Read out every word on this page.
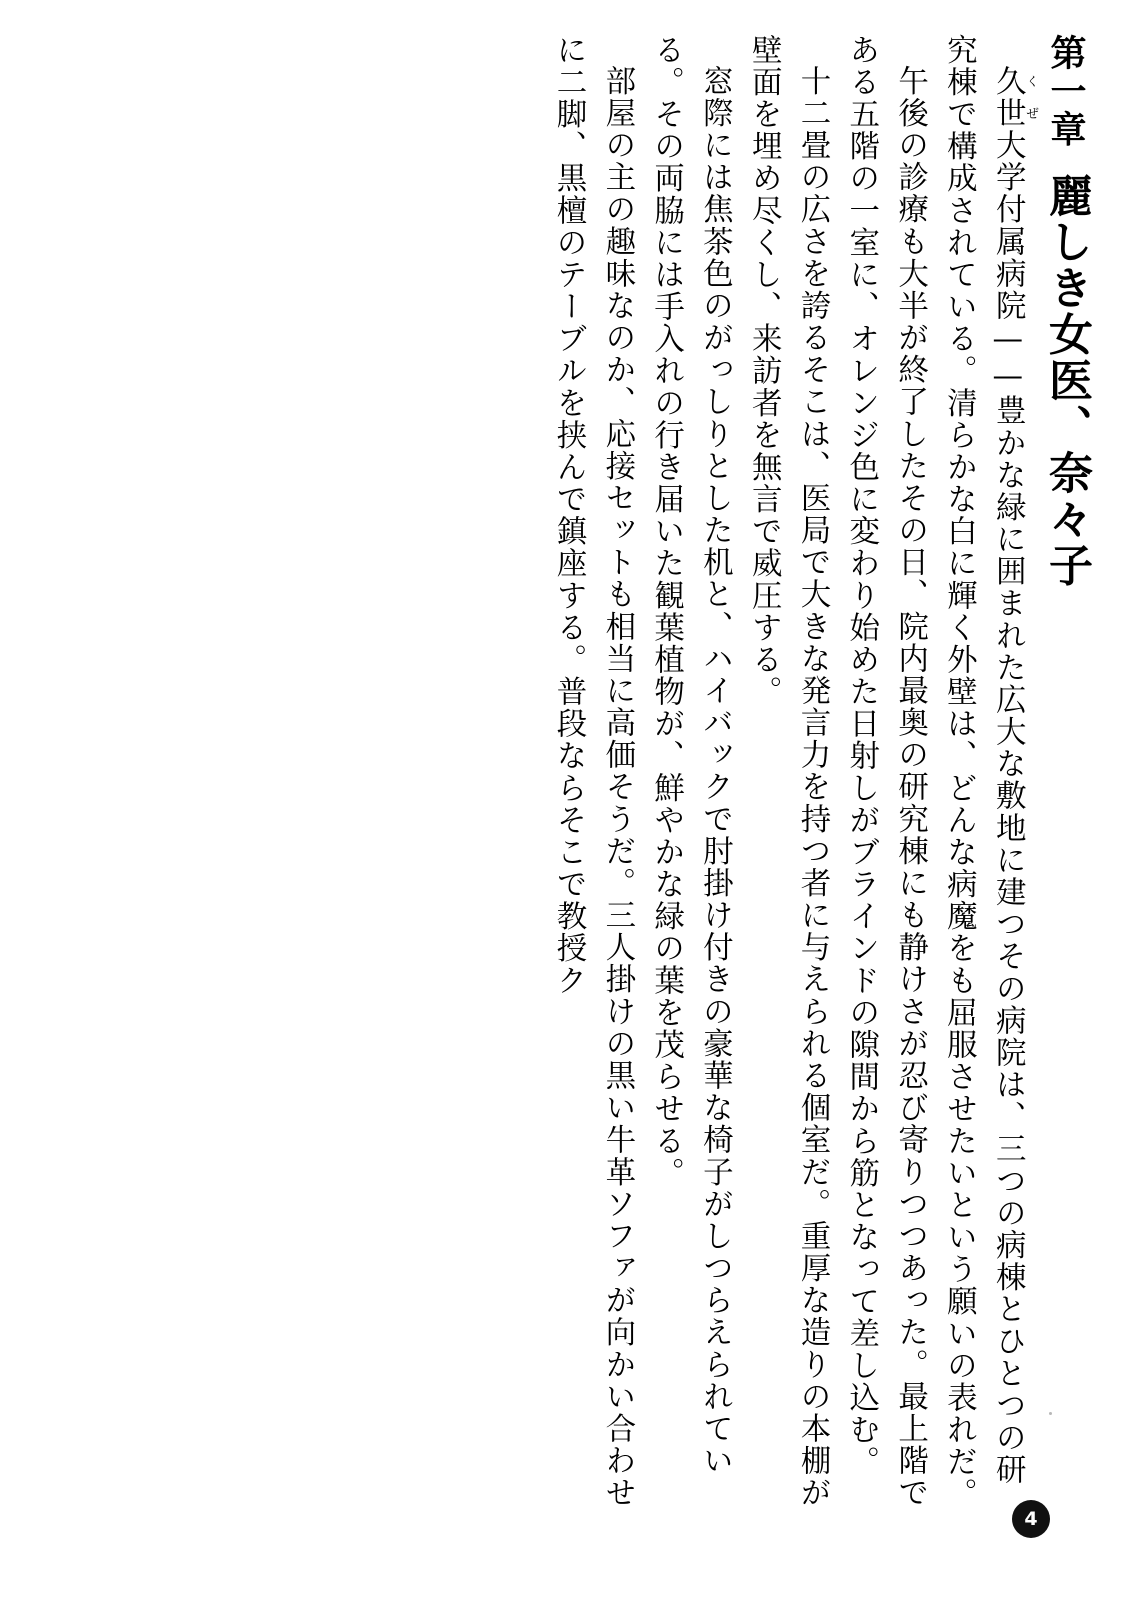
第一章麗しき女医、奈々子

久世くぜ大学付属病院——豊かな緑に囲まれた広大な敷地に建つその病院は、三つの病棟とひとつの研究棟で構成されている。清らかな白に輝く外壁は、どんな病魔をも屈服させたいという願いの表れだ。

午後の診療も大半が終了したその日、院内最奥の研究棟にも静けさが忍び寄りつつあった。最上階である五階の一室に、オレンジ色に変わり始めた日射しがブラインドの隙間から筋となって差し込む。

十二畳の広さを誇るそこは、医局で大きな発言力を持つ者に与えられる個室だ。重厚な造りの本棚が壁面を埋め尽くし、来訪者を無言で威圧する。

窓際には焦茶色のがっしりとした机と、ハイバックで肘掛け付きの豪華な椅子がしつらえられている。その両脇には手入れの行き届いた観葉植物が、鮮やかな緑の葉を茂らせる。

部屋の主の趣味なのか、応接セットも相当に高価そうだ。三人掛けの黒い牛革ソファが向かい合わせに二脚、黒檀のテーブルを挟んで鎮座する。普段ならそこで教授ク

4
